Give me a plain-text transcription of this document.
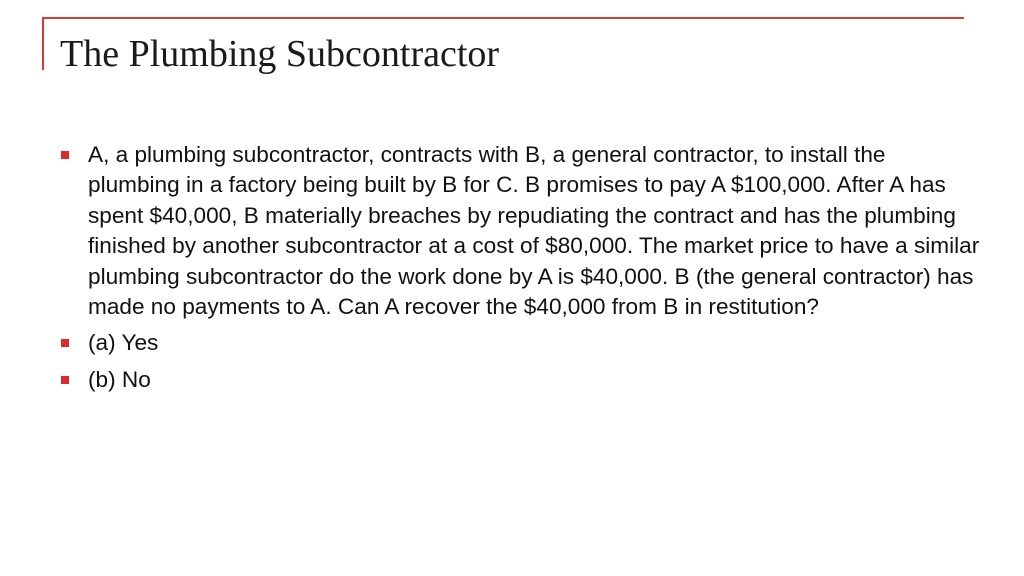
The Plumbing Subcontractor
A, a plumbing subcontractor, contracts with B, a general contractor, to install the plumbing in a factory being built by B for C. B promises to pay A $100,000. After A has spent $40,000, B materially breaches by repudiating the contract and has the plumbing finished by another subcontractor at a cost of $80,000. The market price to have a similar plumbing subcontractor do the work done by A is $40,000. B (the general contractor) has made no payments to A. Can A recover the $40,000 from B in restitution?
(a) Yes
(b) No
